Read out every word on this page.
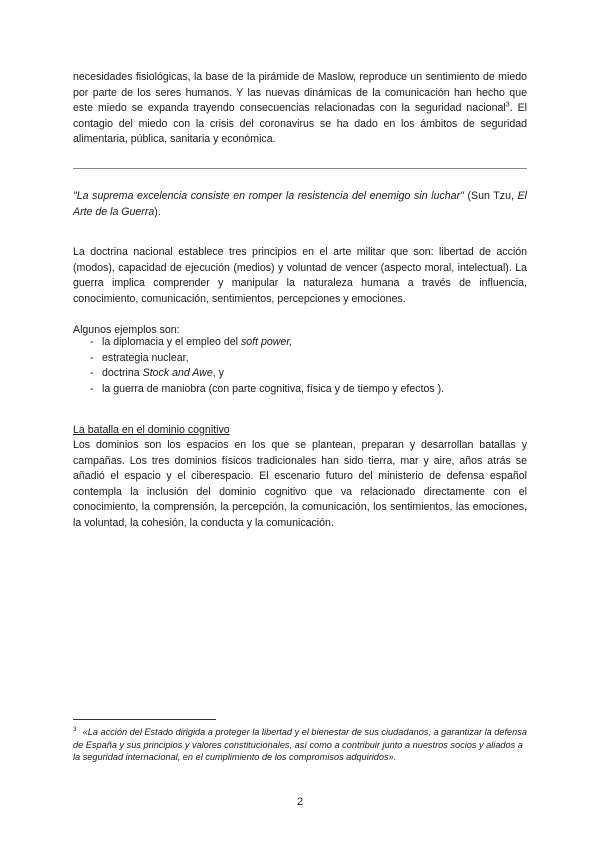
necesidades fisiológicas, la base de la pirámide de Maslow, reproduce un sentimiento de miedo por parte de los seres humanos. Y las nuevas dinámicas de la comunicación han hecho que este miedo se expanda trayendo consecuencias relacionadas con la seguridad nacional$^3$. El contagio del miedo con la crisis del coronavirus se ha dado en los ámbitos de seguridad alimentaria, pública, sanitaria y económica.

"La suprema excelencia consiste en romper la resistencia del enemigo sin luchar" (Sun Tzu, El Arte de la Guerra).

La doctrina nacional establece tres principios en el arte militar que son: libertad de acción (modos), capacidad de ejecución (medios) y voluntad de vencer (aspecto moral, intelectual). La guerra implica comprender y manipular la naturaleza humana a través de influencia, conocimiento, comunicación, sentimientos, percepciones y emociones.

Algunos ejemplos son:

- la diplomacia y el empleo del soft power,
- estrategia nuclear,
- doctrina Stock and Awe, y
- la guerra de maniobra (con parte cognitiva, física y de tiempo y efectos ).

La batalla en el dominio cognitivo

Los dominios son los espacios en los que se plantean, preparan y desarrollan batallas y campañas. Los tres dominios físicos tradicionales han sido tierra, mar y aire, años atrás se añadió el espacio y el ciberespacio. El escenario futuro del ministerio de defensa español contempla la inclusión del dominio cognitivo que va relacionado directamente con el conocimiento, la comprensión, la percepción, la comunicación, los sentimientos, las emociones, la voluntad, la cohesión, la conducta y la comunicación.

$^3$ «La acción del Estado dirigida a proteger la libertad y el bienestar de sus ciudadanos, a garantizar la defensa de España y sus principios y valores constitucionales, así como a contribuir junto a nuestros socios y aliados a la seguridad internacional, en el cumplimiento de los compromisos adquiridos».

2
